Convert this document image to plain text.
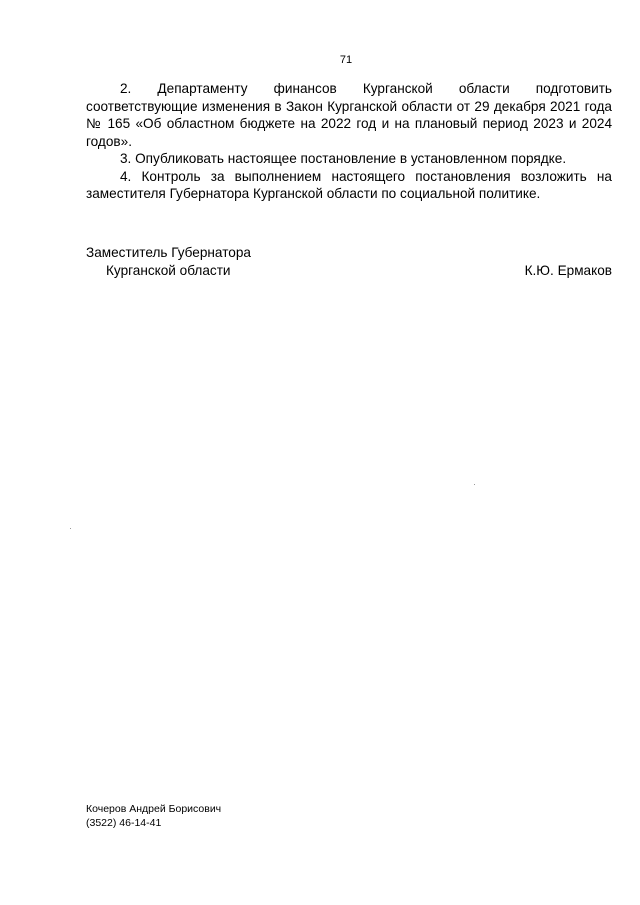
71

2. Департаменту финансов Курганской области подготовить соответствующие изменения в Закон Курганской области от 29 декабря 2021 года № 165 «Об областном бюджете на 2022 год и на плановый период 2023 и 2024 годов».

3. Опубликовать настоящее постановление в установленном порядке.

4. Контроль за выполнением настоящего постановления возложить на заместителя Губернатора Курганской области по социальной политике.

Заместитель Губернатора
Курганской области	К.Ю. Ермаков
Кочеров Андрей Борисович
(3522) 46-14-41
